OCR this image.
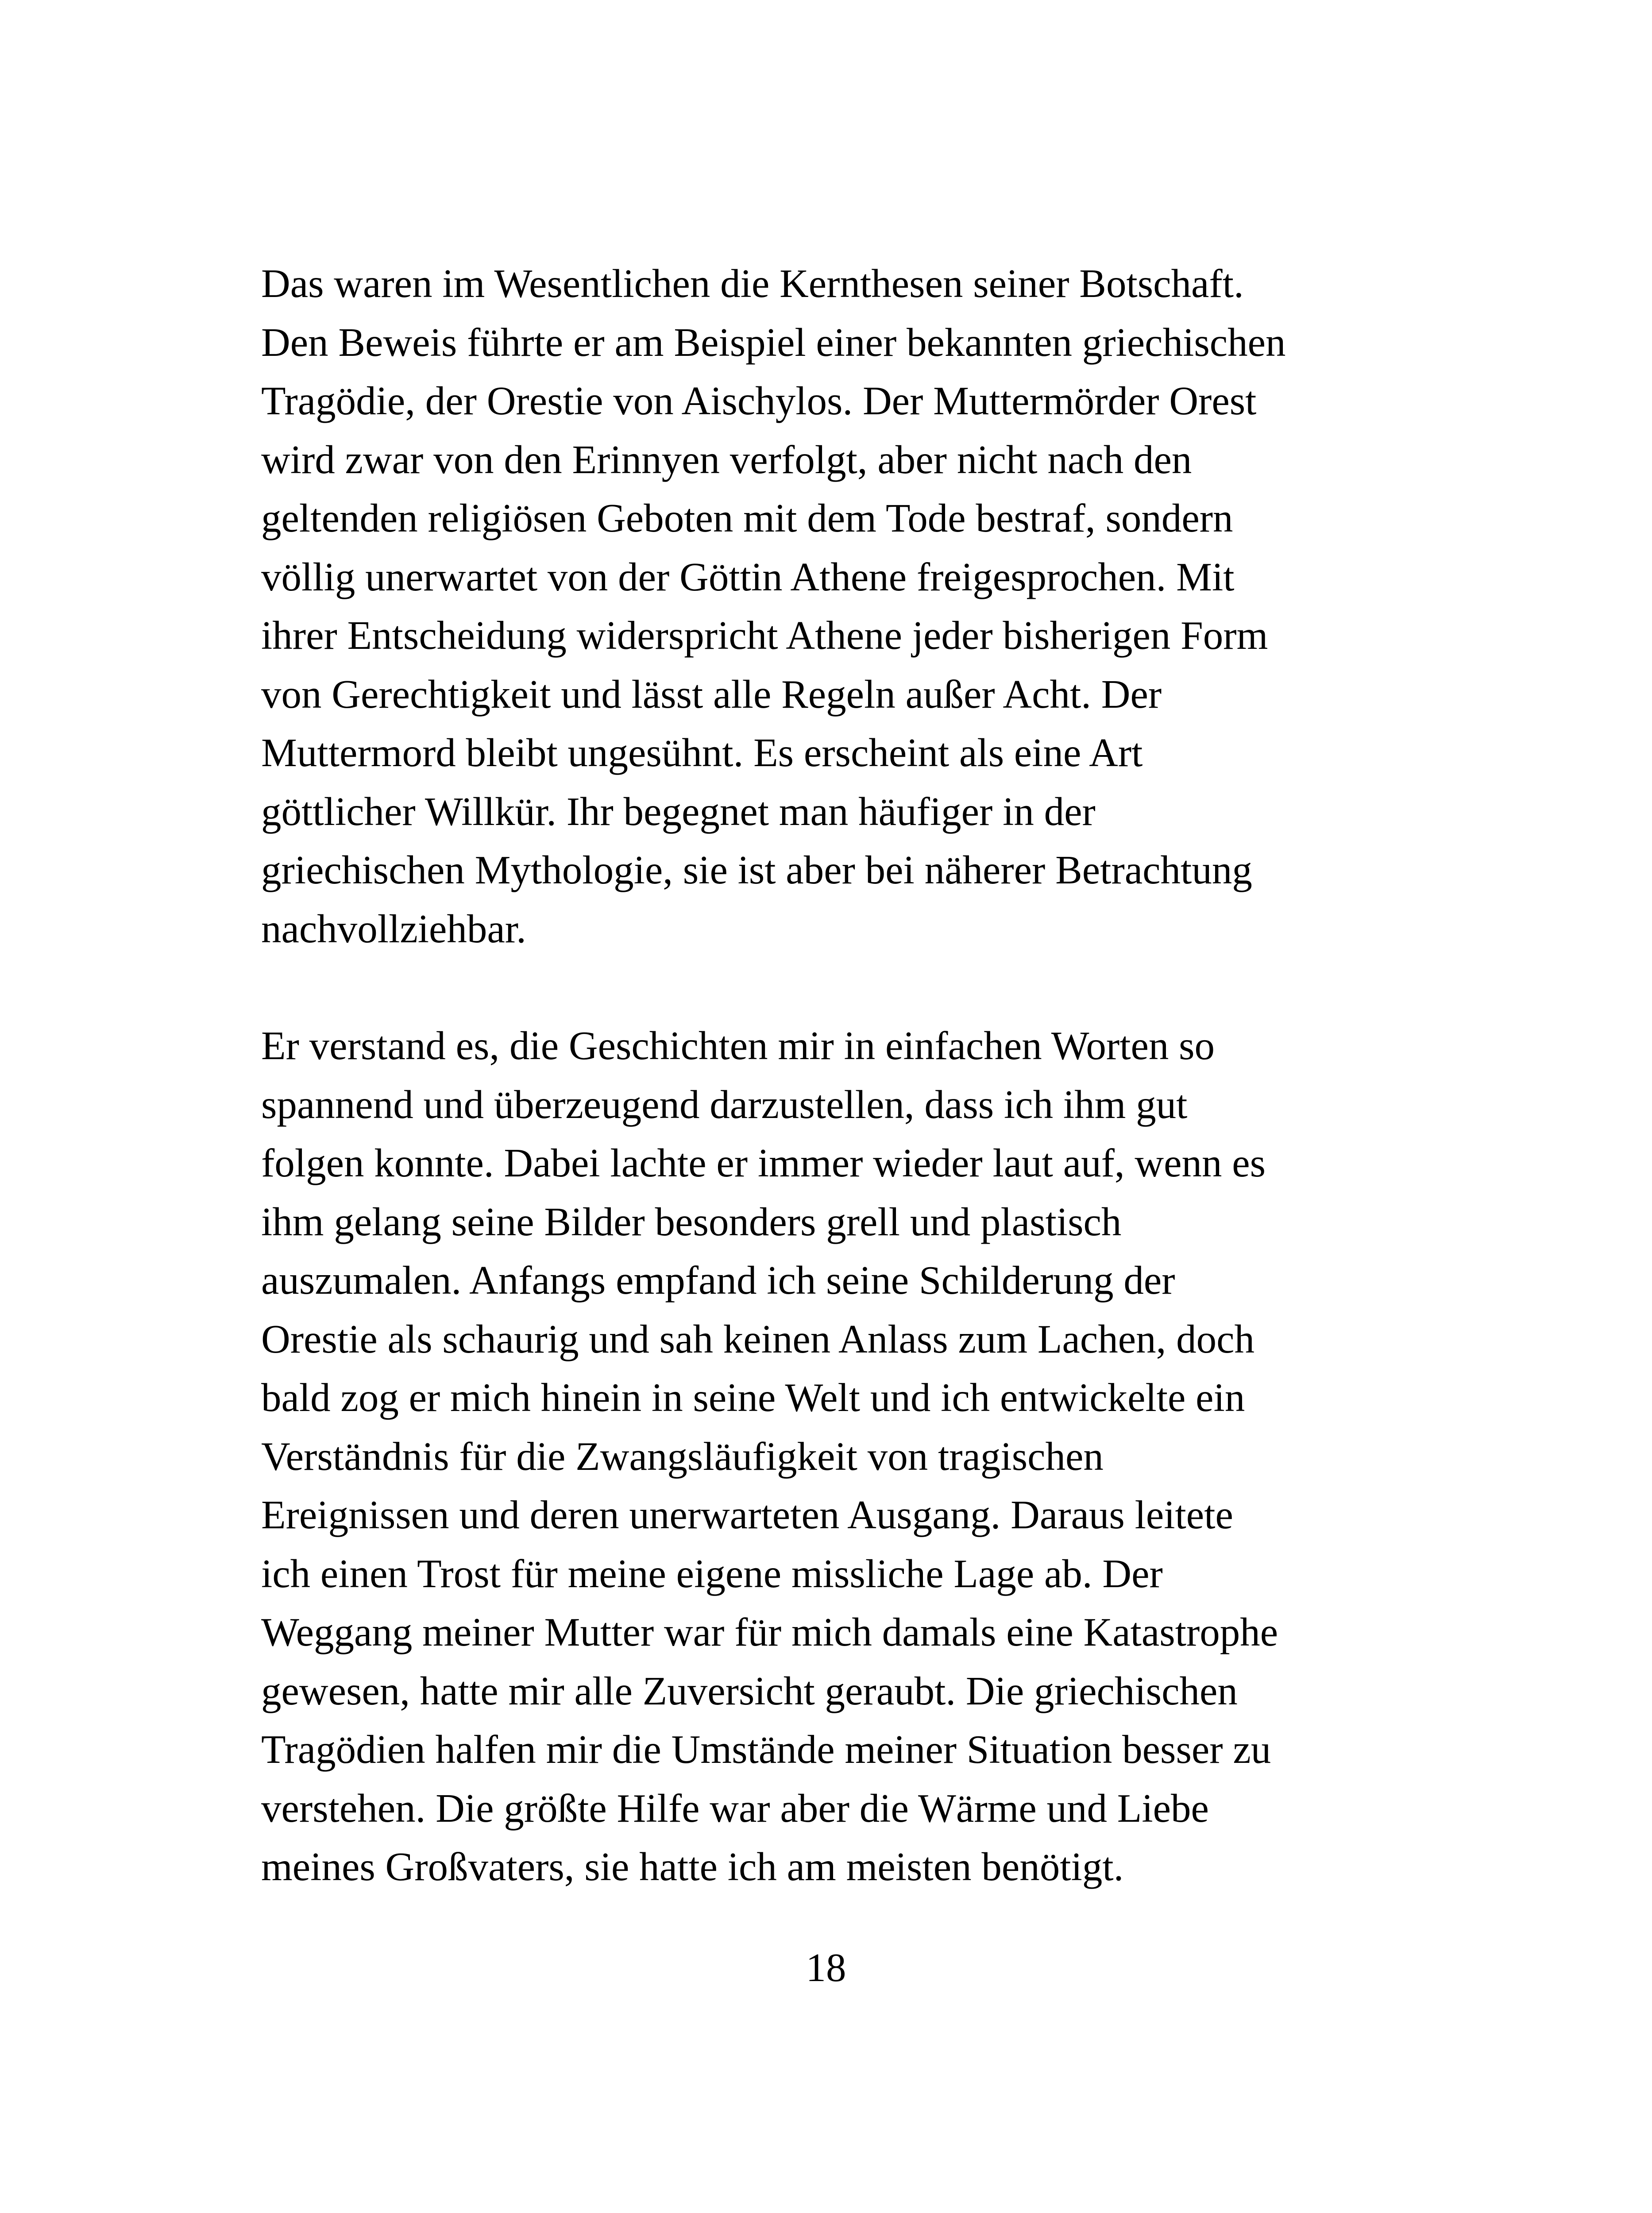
Das waren im Wesentlichen die Kernthesen seiner Botschaft.
Den Beweis führte er am Beispiel einer bekannten griechischen
Tragödie, der Orestie von Aischylos. Der Muttermörder Orest
wird zwar von den Erinnyen verfolgt, aber nicht nach den
geltenden religiösen Geboten mit dem Tode bestraf, sondern
völlig unerwartet von der Göttin Athene freigesprochen. Mit
ihrer Entscheidung widerspricht Athene jeder bisherigen Form
von Gerechtigkeit und lässt alle Regeln außer Acht. Der
Muttermord bleibt ungesühnt. Es erscheint als eine Art
göttlicher Willkür. Ihr begegnet man häufiger in der
griechischen Mythologie, sie ist aber bei näherer Betrachtung
nachvollziehbar.

Er verstand es, die Geschichten mir in einfachen Worten so
spannend und überzeugend darzustellen, dass ich ihm gut
folgen konnte. Dabei lachte er immer wieder laut auf, wenn es
ihm gelang seine Bilder besonders grell und plastisch
auszumalen. Anfangs empfand ich seine Schilderung der
Orestie als schaurig und sah keinen Anlass zum Lachen, doch
bald zog er mich hinein in seine Welt und ich entwickelte ein
Verständnis für die Zwangsläufigkeit von tragischen
Ereignissen und deren unerwarteten Ausgang. Daraus leitete
ich einen Trost für meine eigene missliche Lage ab. Der
Weggang meiner Mutter war für mich damals eine Katastrophe
gewesen, hatte mir alle Zuversicht geraubt. Die griechischen
Tragödien halfen mir die Umstände meiner Situation besser zu
verstehen. Die größte Hilfe war aber die Wärme und Liebe
meines Großvaters, sie hatte ich am meisten benötigt.

18
